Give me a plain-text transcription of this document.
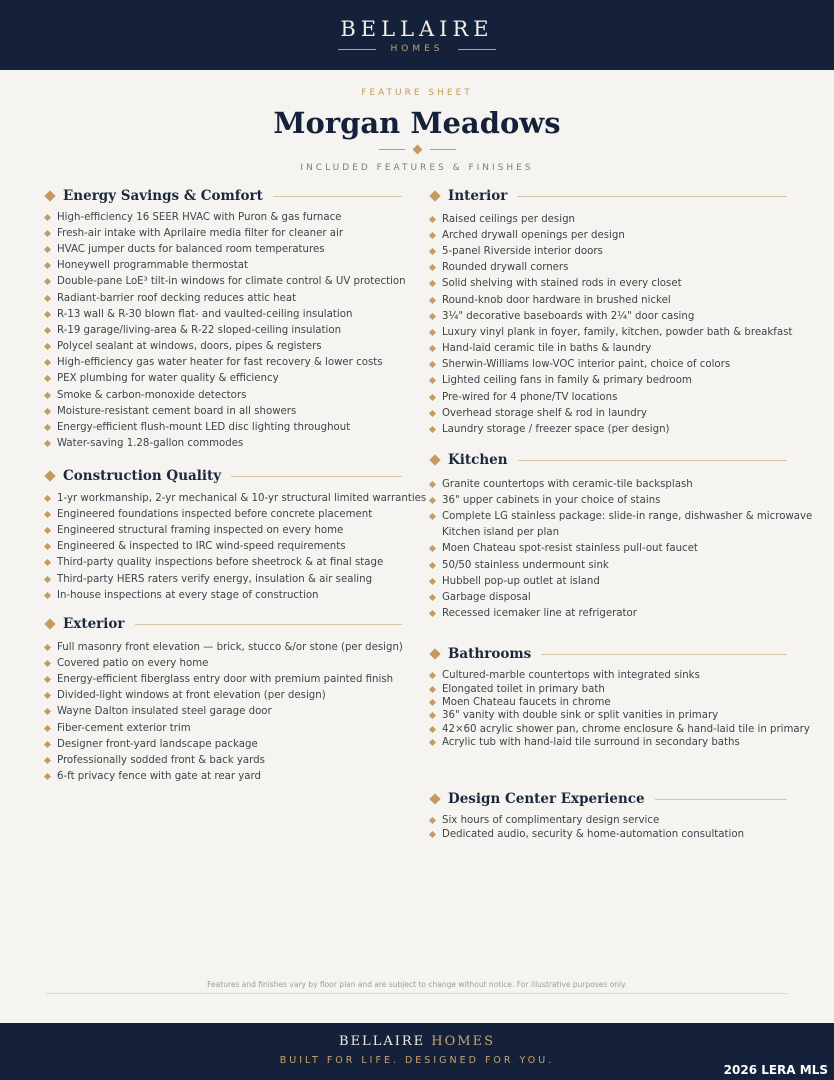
BELLAIRE
HOMES
FEATURE SHEET
Morgan Meadows
INCLUDED FEATURES & FINISHES
Energy Savings & Comfort
High-efficiency 16 SEER HVAC with Puron & gas furnace
Fresh-air intake with Aprilaire media filter for cleaner air
HVAC jumper ducts for balanced room temperatures
Honeywell programmable thermostat
Double-pane LoE³ tilt-in windows for climate control & UV protection
Radiant-barrier roof decking reduces attic heat
R-13 wall & R-30 blown flat- and vaulted-ceiling insulation
R-19 garage/living-area & R-22 sloped-ceiling insulation
Polycel sealant at windows, doors, pipes & registers
High-efficiency gas water heater for fast recovery & lower costs
PEX plumbing for water quality & efficiency
Smoke & carbon-monoxide detectors
Moisture-resistant cement board in all showers
Energy-efficient flush-mount LED disc lighting throughout
Water-saving 1.28-gallon commodes
Construction Quality
1-yr workmanship, 2-yr mechanical & 10-yr structural limited warranties
Engineered foundations inspected before concrete placement
Engineered structural framing inspected on every home
Engineered & inspected to IRC wind-speed requirements
Third-party quality inspections before sheetrock & at final stage
Third-party HERS raters verify energy, insulation & air sealing
In-house inspections at every stage of construction
Exterior
Full masonry front elevation — brick, stucco &/or stone (per design)
Covered patio on every home
Energy-efficient fiberglass entry door with premium painted finish
Divided-light windows at front elevation (per design)
Wayne Dalton insulated steel garage door
Fiber-cement exterior trim
Designer front-yard landscape package
Professionally sodded front & back yards
6-ft privacy fence with gate at rear yard
Interior
Raised ceilings per design
Arched drywall openings per design
5-panel Riverside interior doors
Rounded drywall corners
Solid shelving with stained rods in every closet
Round-knob door hardware in brushed nickel
3¼" decorative baseboards with 2¼" door casing
Luxury vinyl plank in foyer, family, kitchen, powder bath & breakfast
Hand-laid ceramic tile in baths & laundry
Sherwin-Williams low-VOC interior paint, choice of colors
Lighted ceiling fans in family & primary bedroom
Pre-wired for 4 phone/TV locations
Overhead storage shelf & rod in laundry
Laundry storage / freezer space (per design)
Kitchen
Granite countertops with ceramic-tile backsplash
36" upper cabinets in your choice of stains
Complete LG stainless package: slide-in range, dishwasher & microwave
Kitchen island per plan
Moen Chateau spot-resist stainless pull-out faucet
50/50 stainless undermount sink
Hubbell pop-up outlet at island
Garbage disposal
Recessed icemaker line at refrigerator
Bathrooms
Cultured-marble countertops with integrated sinks
Elongated toilet in primary bath
Moen Chateau faucets in chrome
36" vanity with double sink or split vanities in primary
42×60 acrylic shower pan, chrome enclosure & hand-laid tile in primary
Acrylic tub with hand-laid tile surround in secondary baths
Design Center Experience
Six hours of complimentary design service
Dedicated audio, security & home-automation consultation
Features and finishes vary by floor plan and are subject to change without notice. For illustrative purposes only.
BELLAIRE HOMES
BUILT FOR LIFE. DESIGNED FOR YOU.
2026 LERA MLS
